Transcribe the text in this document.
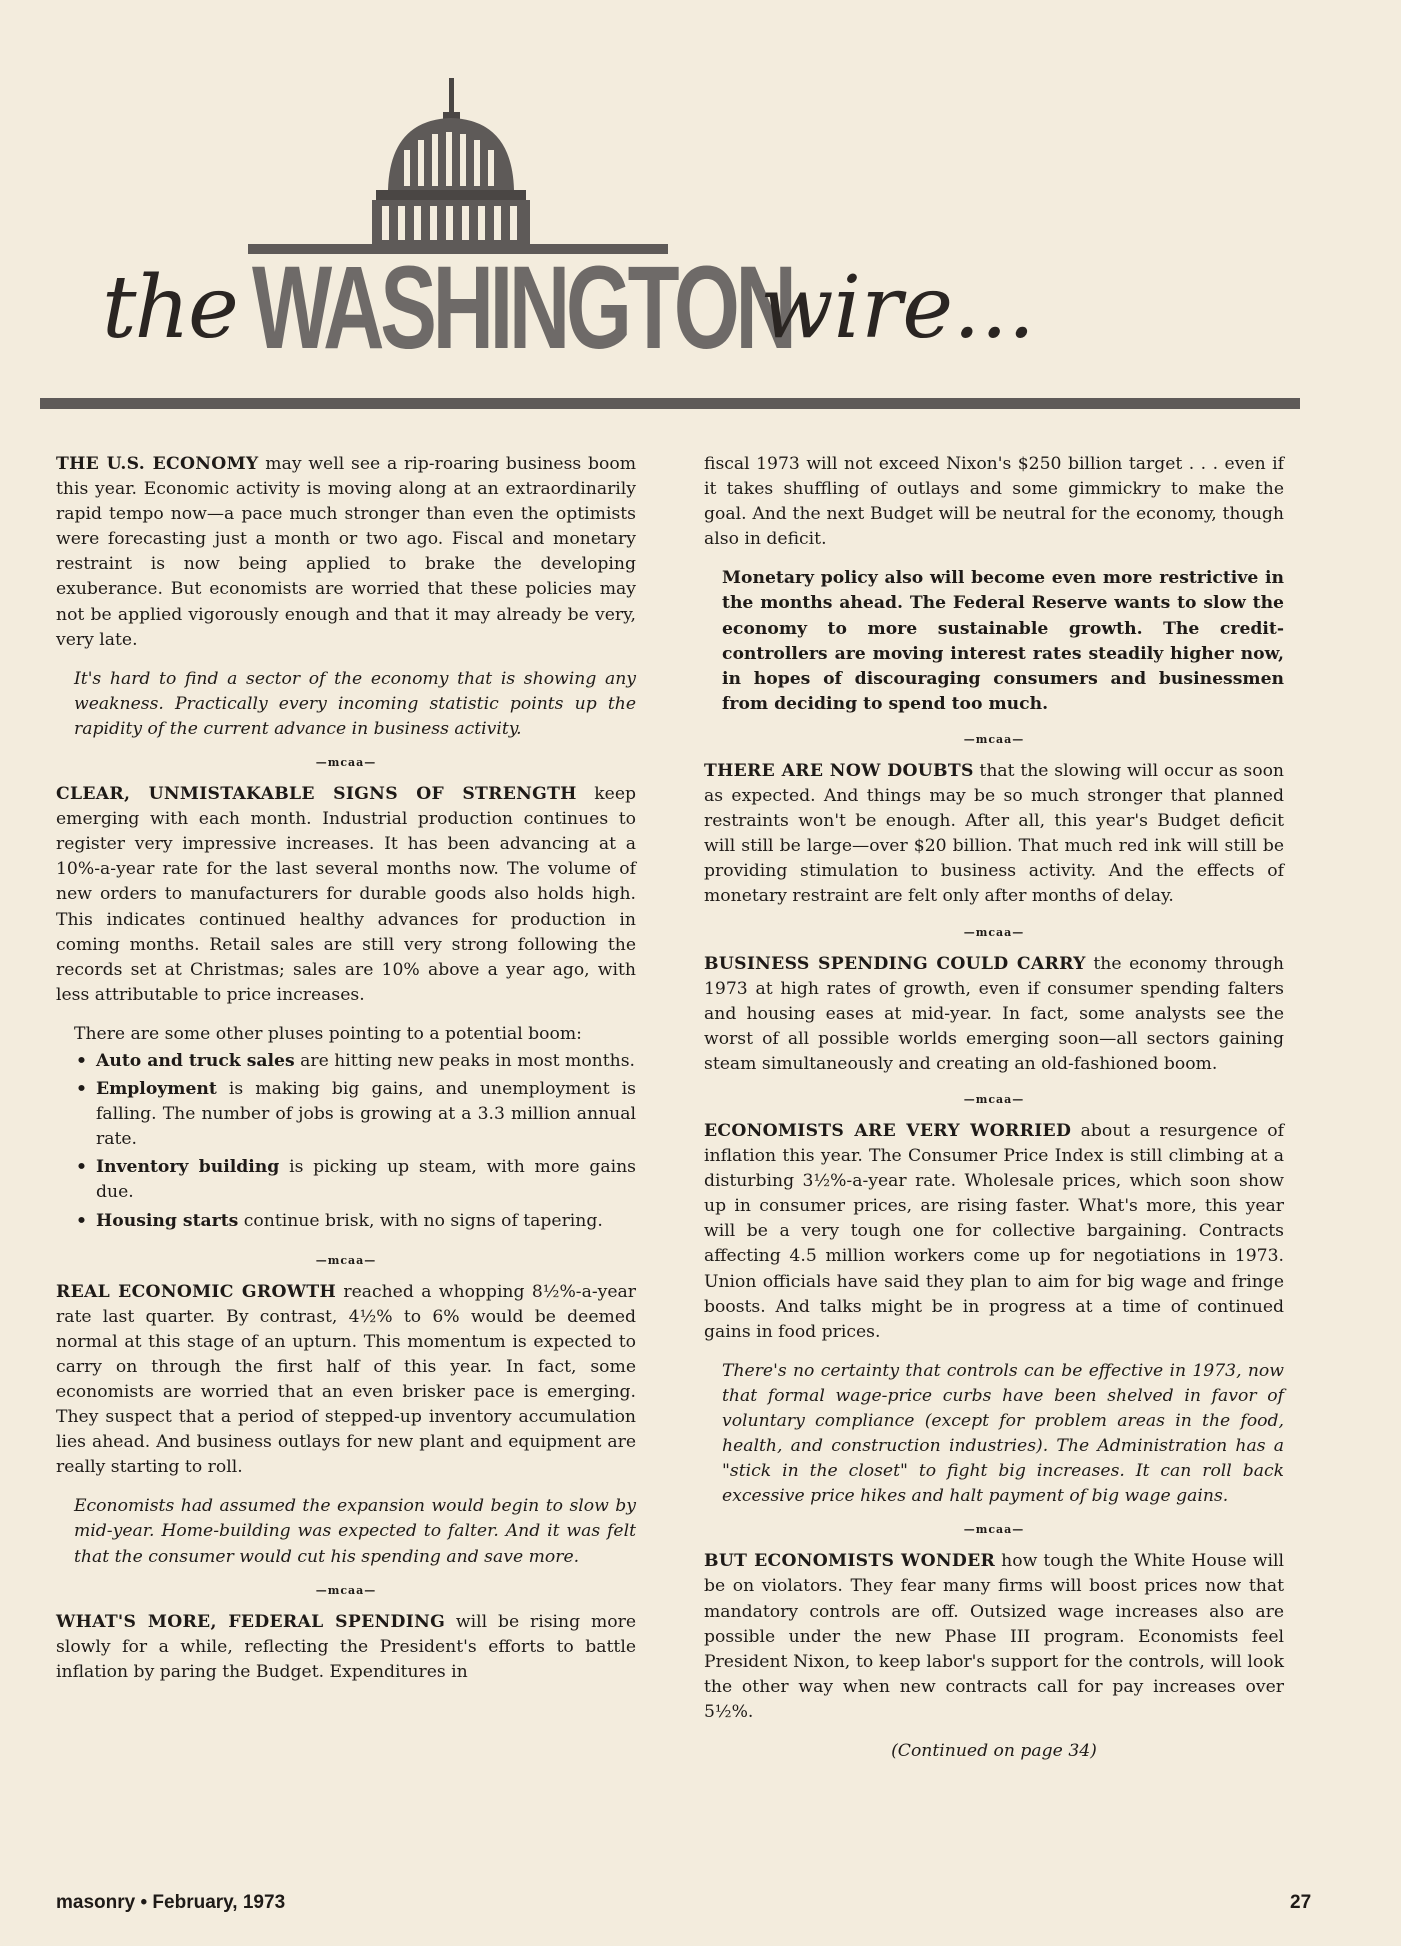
the WASHINGTON
wire...

THE U.S. ECONOMY may well see a rip-roaring business boom this year. Economic activity is moving along at an extraordinarily rapid tempo now—a pace much stronger than even the optimists were forecasting just a month or two ago. Fiscal and monetary restraint is now being applied to brake the developing exuberance. But economists are worried that these policies may not be applied vigorously enough and that it may already be very, very late.

It's hard to find a sector of the economy that is showing any weakness. Practically every incoming statistic points up the rapidity of the current advance in business activity.

—mcaa—

CLEAR, UNMISTAKABLE SIGNS OF STRENGTH keep emerging with each month. Industrial production continues to register very impressive increases. It has been advancing at a 10%-a-year rate for the last several months now. The volume of new orders to manufacturers for durable goods also holds high. This indicates continued healthy advances for production in coming months. Retail sales are still very strong following the records set at Christmas; sales are 10% above a year ago, with less attributable to price increases.

There are some other pluses pointing to a potential boom:

• Auto and truck sales are hitting new peaks in most months.
• Employment is making big gains, and unemployment is falling. The number of jobs is growing at a 3.3 million annual rate.
• Inventory building is picking up steam, with more gains due.
• Housing starts continue brisk, with no signs of tapering.

—mcaa—

REAL ECONOMIC GROWTH reached a whopping 8½%-a-year rate last quarter. By contrast, 4½% to 6% would be deemed normal at this stage of an upturn. This momentum is expected to carry on through the first half of this year. In fact, some economists are worried that an even brisker pace is emerging. They suspect that a period of stepped-up inventory accumulation lies ahead. And business outlays for new plant and equipment are really starting to roll.

Economists had assumed the expansion would begin to slow by mid-year. Home-building was expected to falter. And it was felt that the consumer would cut his spending and save more.

—mcaa—

WHAT'S MORE, FEDERAL SPENDING will be rising more slowly for a while, reflecting the President's efforts to battle inflation by paring the Budget. Expenditures in

fiscal 1973 will not exceed Nixon's $250 billion target . . . even if it takes shuffling of outlays and some gimmickry to make the goal. And the next Budget will be neutral for the economy, though also in deficit.

Monetary policy also will become even more restrictive in the months ahead. The Federal Reserve wants to slow the economy to more sustainable growth. The credit-controllers are moving interest rates steadily higher now, in hopes of discouraging consumers and businessmen from deciding to spend too much.

—mcaa—

THERE ARE NOW DOUBTS that the slowing will occur as soon as expected. And things may be so much stronger that planned restraints won't be enough. After all, this year's Budget deficit will still be large—over $20 billion. That much red ink will still be providing stimulation to business activity. And the effects of monetary restraint are felt only after months of delay.

—mcaa—

BUSINESS SPENDING COULD CARRY the economy through 1973 at high rates of growth, even if consumer spending falters and housing eases at mid-year. In fact, some analysts see the worst of all possible worlds emerging soon—all sectors gaining steam simultaneously and creating an old-fashioned boom.

—mcaa—

ECONOMISTS ARE VERY WORRIED about a resurgence of inflation this year. The Consumer Price Index is still climbing at a disturbing 3½%-a-year rate. Wholesale prices, which soon show up in consumer prices, are rising faster. What's more, this year will be a very tough one for collective bargaining. Contracts affecting 4.5 million workers come up for negotiations in 1973. Union officials have said they plan to aim for big wage and fringe boosts. And talks might be in progress at a time of continued gains in food prices.

There's no certainty that controls can be effective in 1973, now that formal wage-price curbs have been shelved in favor of voluntary compliance (except for problem areas in the food, health, and construction industries). The Administration has a "stick in the closet" to fight big increases. It can roll back excessive price hikes and halt payment of big wage gains.

—mcaa—

BUT ECONOMISTS WONDER how tough the White House will be on violators. They fear many firms will boost prices now that mandatory controls are off. Outsized wage increases also are possible under the new Phase III program. Economists feel President Nixon, to keep labor's support for the controls, will look the other way when new contracts call for pay increases over 5½%.

(Continued on page 34)

masonry • February, 1973	27
